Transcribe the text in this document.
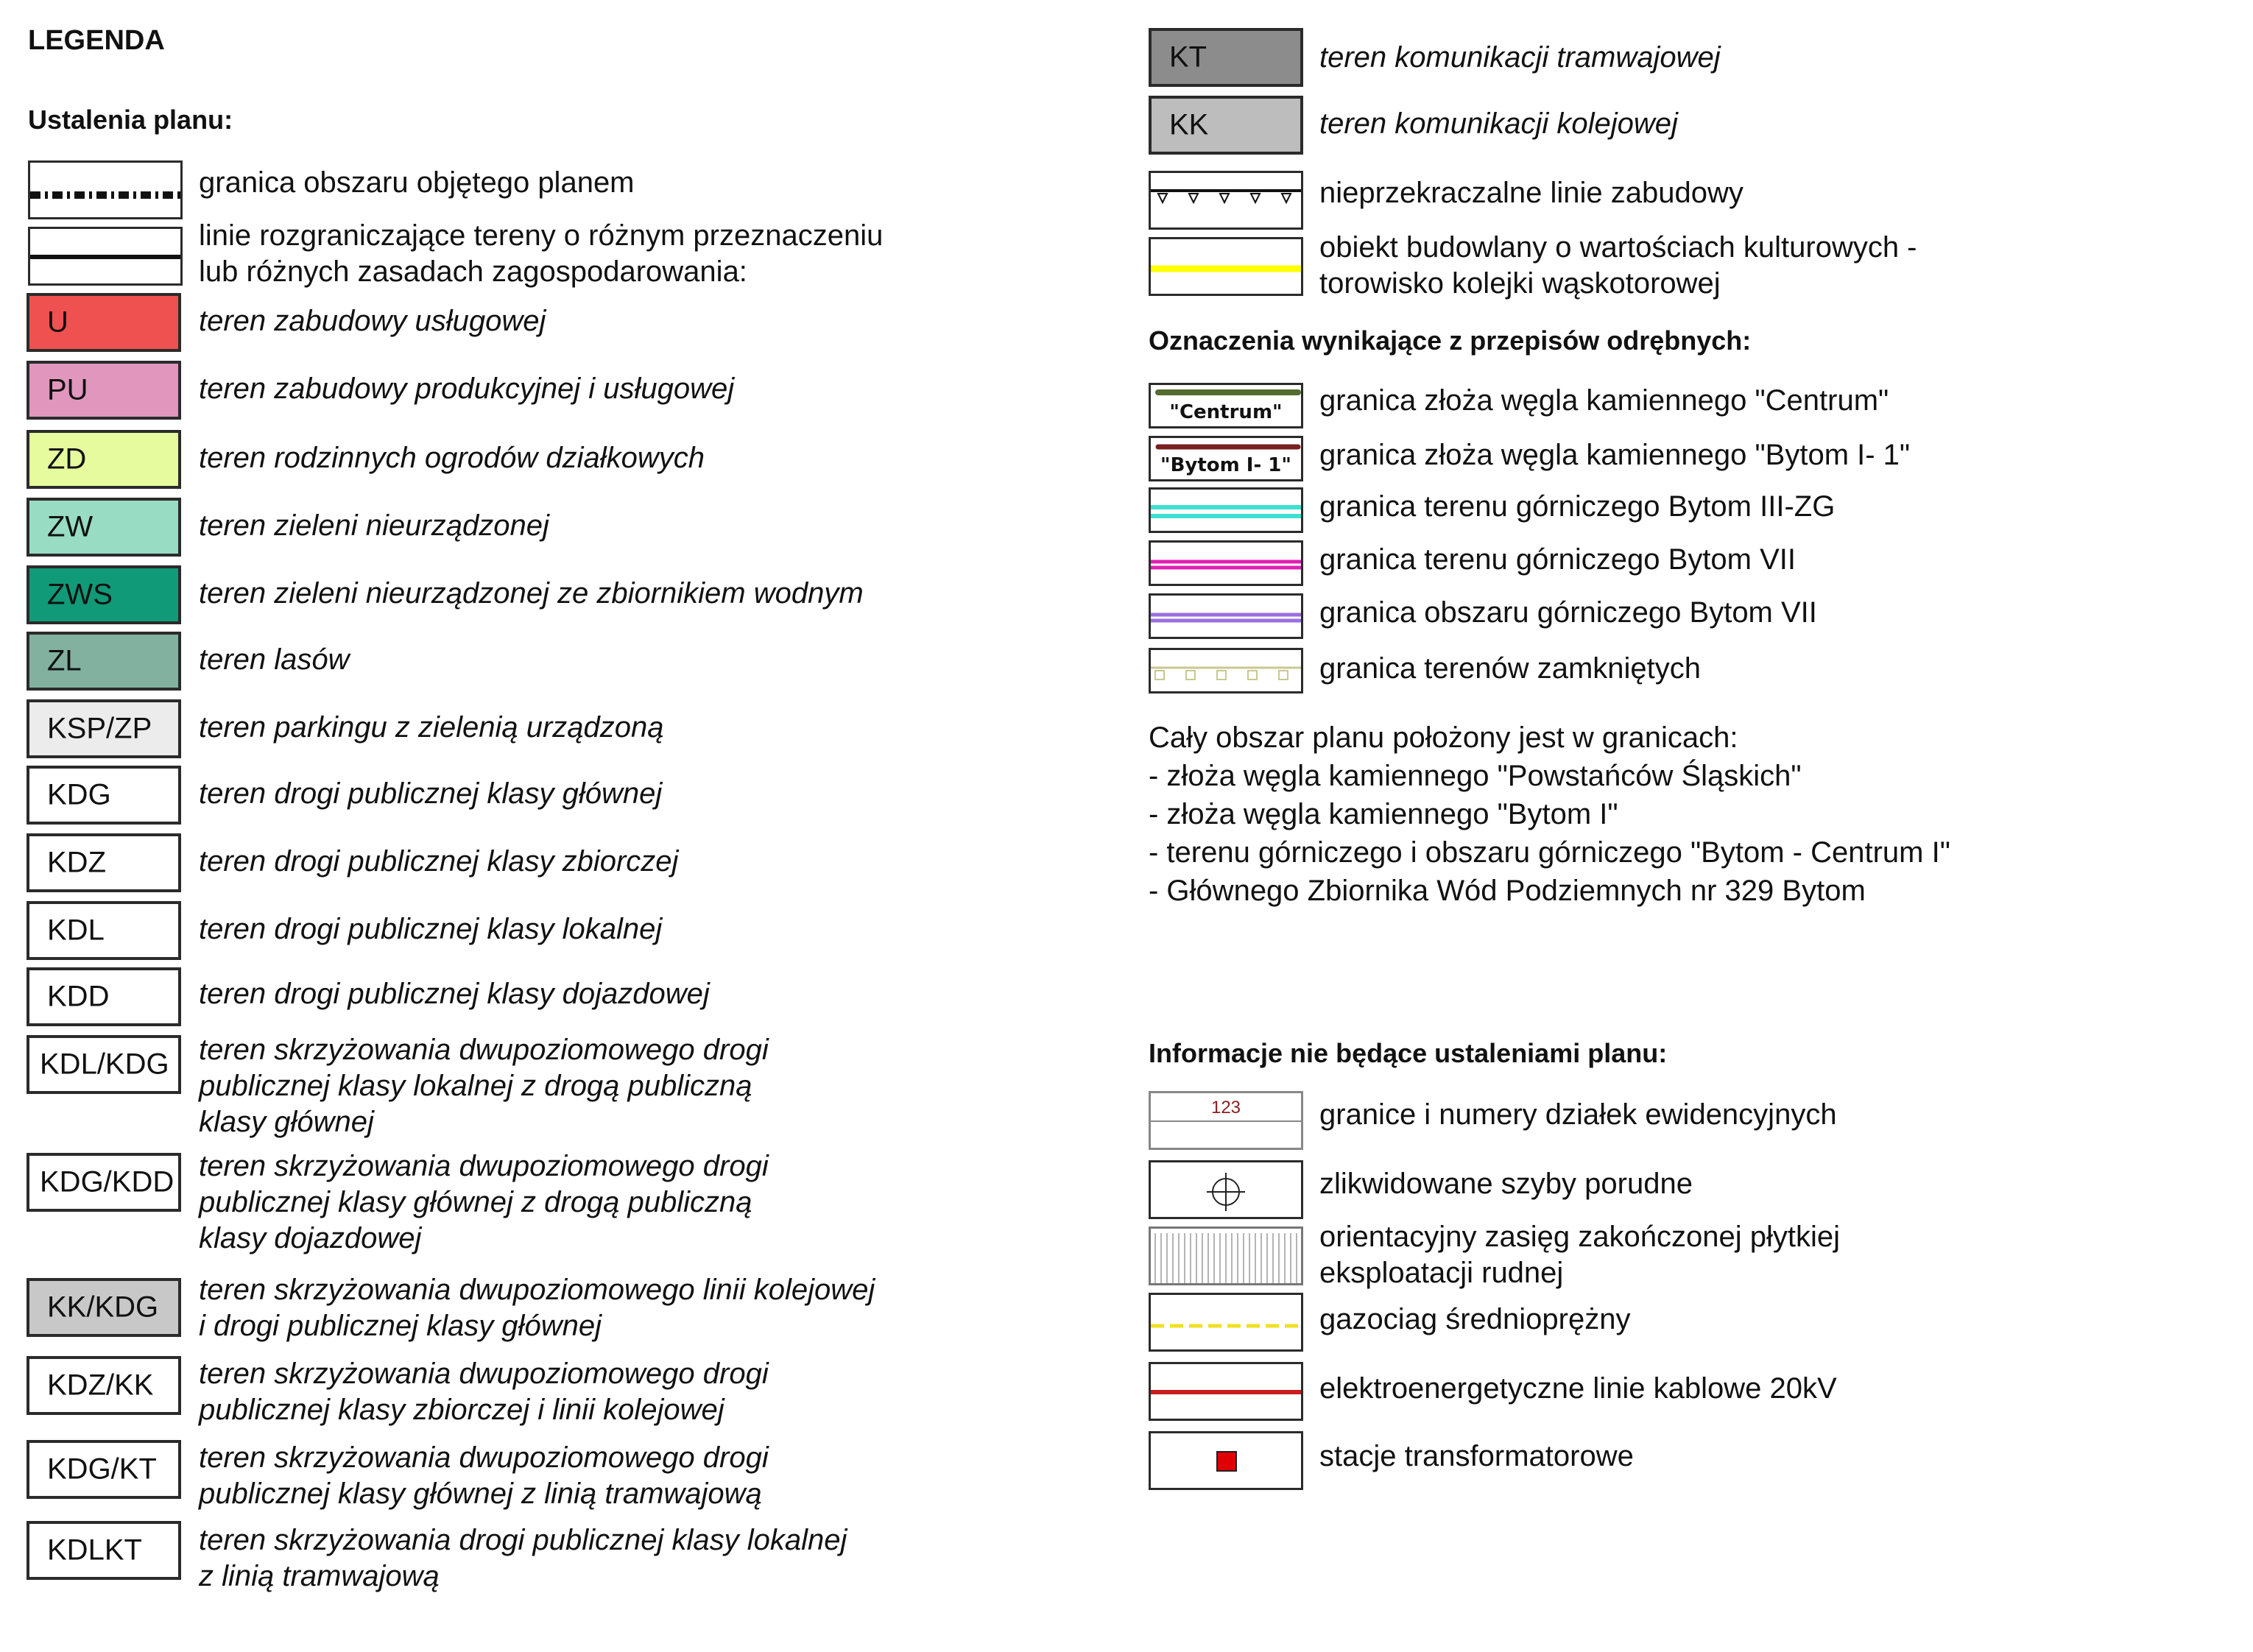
LEGENDA
Ustalenia planu:
granica obszaru objętego planem
linie rozgraniczające tereny o różnym przeznaczeniu
lub różnych zasadach zagospodarowania:
U	teren zabudowy usługowej
PU	teren zabudowy produkcyjnej i usługowej
ZD	teren rodzinnych ogrodów działkowych
ZW	teren zieleni nieurządzonej
ZWS	teren zieleni nieurządzonej ze zbiornikiem wodnym
ZL	teren lasów
KSP/ZP teren parkingu z zielenią urządzoną
KDG	teren drogi publicznej klasy głównej
KDZ	teren drogi publicznej klasy zbiorczej
KDL	teren drogi publicznej klasy lokalnej
KDD	teren drogi publicznej klasy dojazdowej
KDL/KDG teren skrzyżowania dwupoziomowego drogi
publicznej klasy lokalnej z drogą publiczną
klasy głównej
KDG/KDD teren skrzyżowania dwupoziomowego drogi
publicznej klasy głównej z drogą publiczną
klasy dojazdowej
KK/KDG
teren skrzyżowania dwupoziomowego linii kolejowej
i drogi publicznej klasy głównej
KDZ/KK teren skrzyżowania dwupoziomowego drogi
publicznej klasy zbiorczej i linii kolejowej
KDG/KT teren skrzyżowania dwupoziomowego drogi
publicznej klasy głównej z linią tramwajową
KDLKT teren skrzyżowania drogi publicznej klasy lokalnej
z linią tramwajową
KT	teren komunikacji tramwajowej
KK	teren komunikacji kolejowej
nieprzekraczalne linie zabudowy
obiekt budowlany o wartościach kulturowych -
torowisko kolejki wąskotorowej
Oznaczenia wynikające z przepisów odrębnych:
"Centrum"	granica złoża węgla kamiennego "Centrum"
"Bytom I- 1" granica złoża węgla kamiennego "Bytom I- 1"
granica terenu górniczego Bytom III-ZG
granica terenu górniczego Bytom VII
granica obszaru górniczego Bytom VII
granica terenów zamkniętych
Cały obszar planu położony jest w granicach:
- złoża węgla kamiennego "Powstańców Śląskich"
- złoża węgla kamiennego "Bytom I"
- terenu górniczego i obszaru górniczego "Bytom - Centrum I"
- Głównego Zbiornika Wód Podziemnych nr 329 Bytom
Informacje nie będące ustaleniami planu:
123	granice i numery działek ewidencyjnych
zlikwidowane szyby porudne
orientacyjny zasięg zakończonej płytkiej
eksploatacji rudnej
gazociag średnioprężny
elektroenergetyczne linie kablowe 20kV
stacje transformatorowe
